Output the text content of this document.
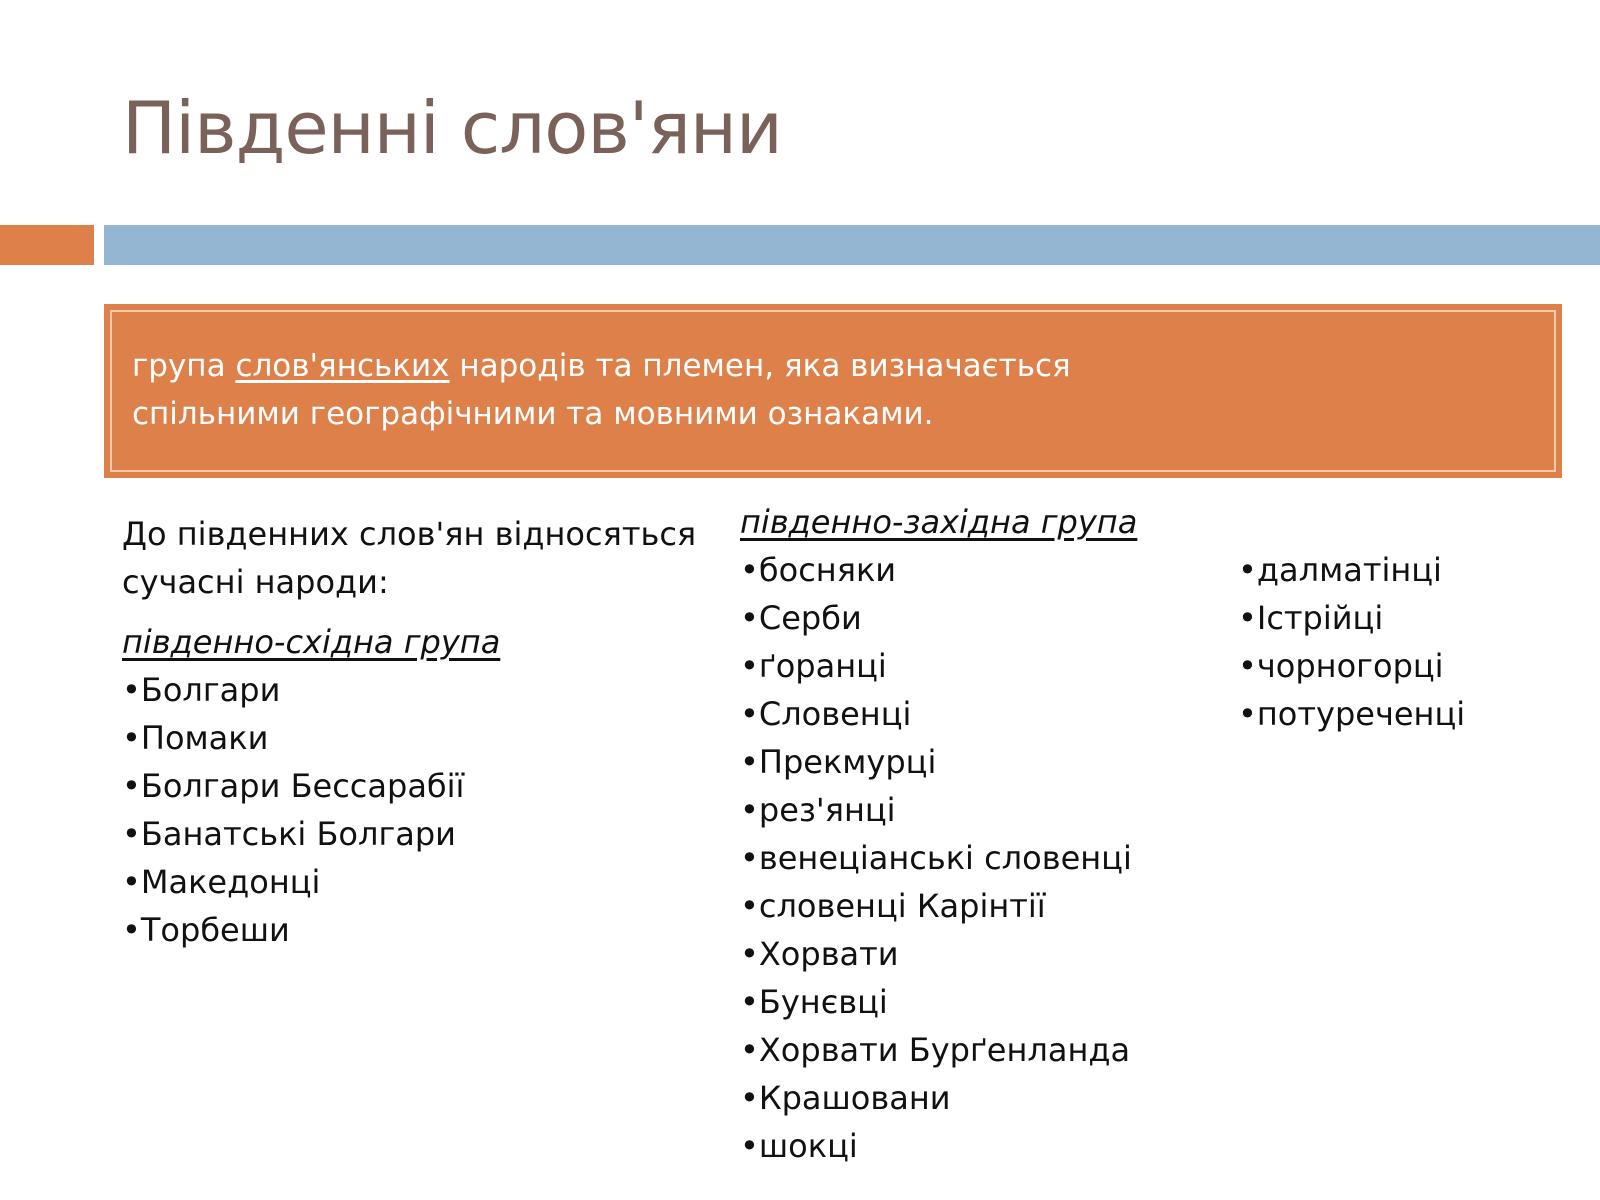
Південні слов'яни
група слов'янських народів та племен, яка визначається
спільними географічними та мовними ознаками.

До південних слов'ян відносяться сучасні народи:

південно-східна група

•Болгари
•Помаки
•Болгари Бессарабії
•Банатські Болгари
•Македонці
•Торбеши

південно-західна група

•босняки
•Серби
•ґоранці
•Словенці
•Прекмурці
•рез'янці
•венеціанські словенці
•словенці Карінтії
•Хорвати
•Бунєвці
•Хорвати Бурґенланда
•Крашовани
•шокці
•далматінці
•Істрійці
•чорногорці
•потуреченці
